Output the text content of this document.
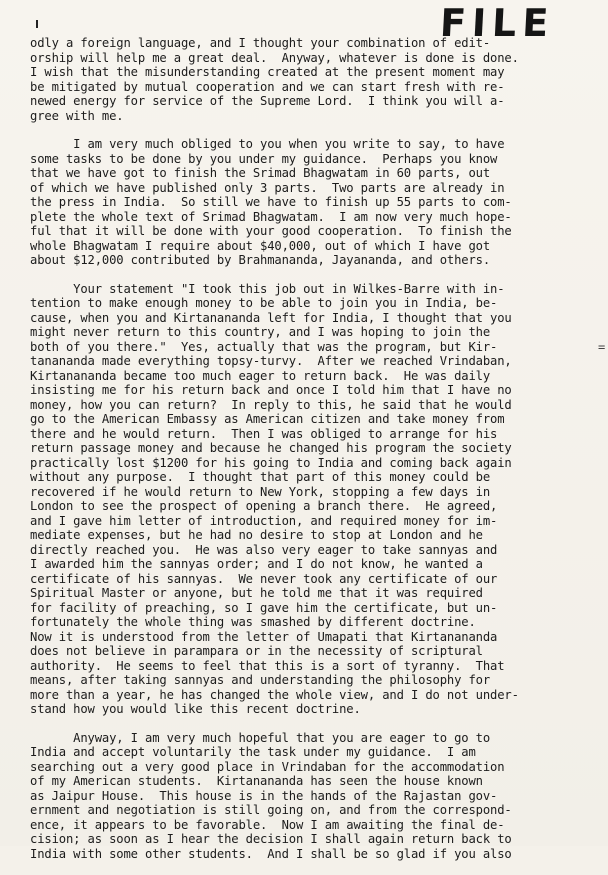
FILE
=

odly a foreign language, and I thought your combination of edit-

orship will help me a great deal.  Anyway, whatever is done is done.

I wish that the misunderstanding created at the present moment may

be mitigated by mutual cooperation and we can start fresh with re-

newed energy for service of the Supreme Lord.  I think you will a-

gree with me.

I am very much obliged to you when you write to say, to have

some tasks to be done by you under my guidance.  Perhaps you know

that we have got to finish the Srimad Bhagwatam in 60 parts, out

of which we have published only 3 parts.  Two parts are already in

the press in India.  So still we have to finish up 55 parts to com-

plete the whole text of Srimad Bhagwatam.  I am now very much hope-

ful that it will be done with your good cooperation.  To finish the

whole Bhagwatam I require about $40,000, out of which I have got

about $12,000 contributed by Brahmananda, Jayananda, and others.

Your statement "I took this job out in Wilkes-Barre with in-

tention to make enough money to be able to join you in India, be-

cause, when you and Kirtanananda left for India, I thought that you

might never return to this country, and I was hoping to join the

both of you there."  Yes, actually that was the program, but Kir-

tanananda made everything topsy-turvy.  After we reached Vrindaban,

Kirtanananda became too much eager to return back.  He was daily

insisting me for his return back and once I told him that I have no

money, how you can return?  In reply to this, he said that he would

go to the American Embassy as American citizen and take money from

there and he would return.  Then I was obliged to arrange for his

return passage money and because he changed his program the society

practically lost $1200 for his going to India and coming back again

without any purpose.  I thought that part of this money could be

recovered if he would return to New York, stopping a few days in

London to see the prospect of opening a branch there.  He agreed,

and I gave him letter of introduction, and required money for im-

mediate expenses, but he had no desire to stop at London and he

directly reached you.  He was also very eager to take sannyas and

I awarded him the sannyas order; and I do not know, he wanted a

certificate of his sannyas.  We never took any certificate of our

Spiritual Master or anyone, but he told me that it was required

for facility of preaching, so I gave him the certificate, but un-

fortunately the whole thing was smashed by different doctrine.

Now it is understood from the letter of Umapati that Kirtanananda

does not believe in parampara or in the necessity of scriptural

authority.  He seems to feel that this is a sort of tyranny.  That

means, after taking sannyas and understanding the philosophy for

more than a year, he has changed the whole view, and I do not under-

stand how you would like this recent doctrine.

Anyway, I am very much hopeful that you are eager to go to

India and accept voluntarily the task under my guidance.  I am

searching out a very good place in Vrindaban for the accommodation

of my American students.  Kirtanananda has seen the house known

as Jaipur House.  This house is in the hands of the Rajastan gov-

ernment and negotiation is still going on, and from the correspond-

ence, it appears to be favorable.  Now I am awaiting the final de-

cision; as soon as I hear the decision I shall again return back to

India with some other students.  And I shall be so glad if you also
